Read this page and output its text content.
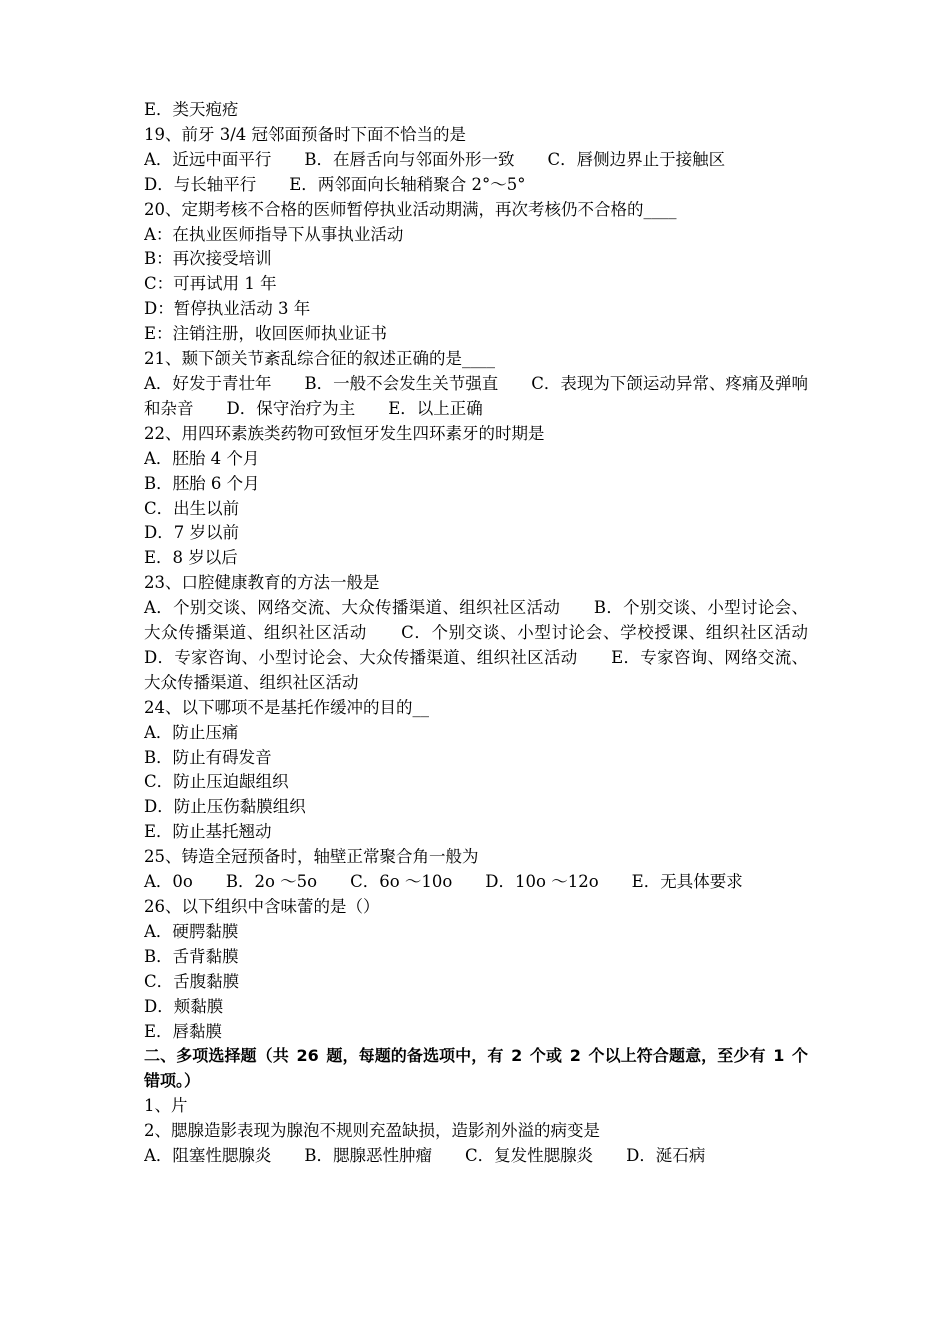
E．类天疱疮
19、前牙 3/4 冠邻面预备时下面不恰当的是
A．近远中面平行　　B．在唇舌向与邻面外形一致　　C．唇侧边界止于接触区
D．与长轴平行　　E．两邻面向长轴稍聚合 2°～5°
20、定期考核不合格的医师暂停执业活动期满，再次考核仍不合格的____
A：在执业医师指导下从事执业活动
B：再次接受培训
C：可再试用 1 年
D：暂停执业活动 3 年
E：注销注册，收回医师执业证书
21、颞下颌关节紊乱综合征的叙述正确的是____
A．好发于青壮年　　B．一般不会发生关节强直　　C．表现为下颌运动异常、疼痛及弹响和杂音　　D．保守治疗为主　　E．以上正确
22、用四环素族类药物可致恒牙发生四环素牙的时期是
A．胚胎 4 个月
B．胚胎 6 个月
C．出生以前
D．7 岁以前
E．8 岁以后
23、口腔健康教育的方法一般是
A．个别交谈、网络交流、大众传播渠道、组织社区活动　　B．个别交谈、小型讨论会、大众传播渠道、组织社区活动　　C．个别交谈、小型讨论会、学校授课、组织社区活动　　D．专家咨询、小型讨论会、大众传播渠道、组织社区活动　　E．专家咨询、网络交流、大众传播渠道、组织社区活动
24、以下哪项不是基托作缓冲的目的__
A．防止压痛
B．防止有碍发音
C．防止压迫龈组织
D．防止压伤黏膜组织
E．防止基托翘动
25、铸造全冠预备时，轴壁正常聚合角一般为
A．0o　　B．2o ～5o　　C．6o ～10o　　D．10o ～12o　　E．无具体要求
26、以下组织中含味蕾的是（）
A．硬腭黏膜
B．舌背黏膜
C．舌腹黏膜
D．颊黏膜
E．唇黏膜
二、多项选择题（共 26 题，每题的备选项中，有 2 个或 2 个以上符合题意，至少有 1 个错项。）
1、片
2、腮腺造影表现为腺泡不规则充盈缺损，造影剂外溢的病变是
A．阻塞性腮腺炎　　B．腮腺恶性肿瘤　　C．复发性腮腺炎　　D．涎石病
